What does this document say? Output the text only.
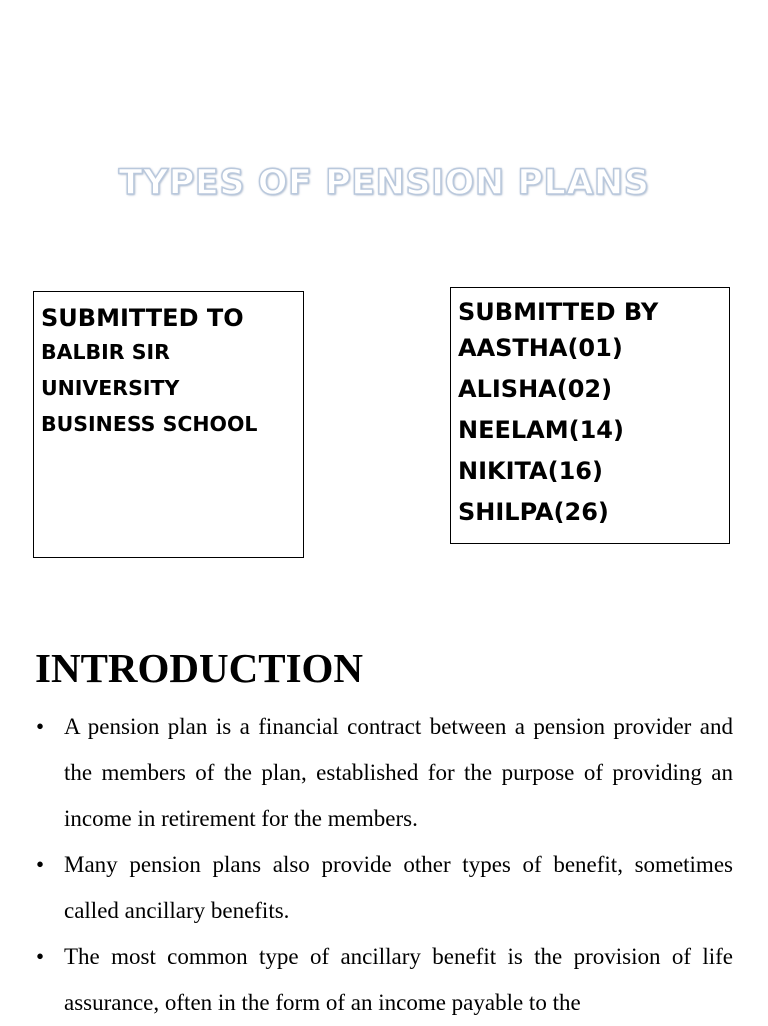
TYPES OF PENSION PLANS
SUBMITTED TO
BALBIR SIR
UNIVERSITY
BUSINESS SCHOOL
SUBMITTED BY
AASTHA(01)
ALISHA(02)
NEELAM(14)
NIKITA(16)
SHILPA(26)
INTRODUCTION
• A pension plan is a financial contract between a pension provider and the members of the plan, established for the purpose of providing an income in retirement for the members.
• Many pension plans also provide other types of benefit, sometimes called ancillary benefits.
• The most common type of ancillary benefit is the provision of life assurance, often in the form of an income payable to the
